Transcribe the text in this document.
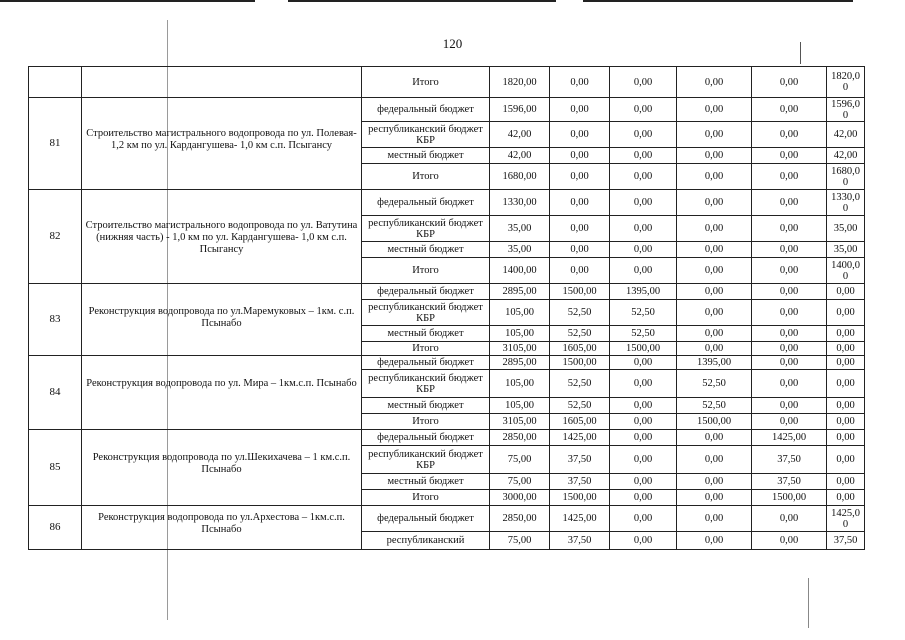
120
		Итого	1820,00	0,00	0,00	0,00	0,00	1820,0 0
81	Строительство магистрального водопровода по ул. Полевая- 1,2 км по ул. Кардангушева- 1,0 км с.п. Псыгансу	федеральный бюджет	1596,00	0,00	0,00	0,00	0,00	1596,0 0
		республиканский бюджет КБР	42,00	0,00	0,00	0,00	0,00	42,00
		местный бюджет	42,00	0,00	0,00	0,00	0,00	42,00
		Итого	1680,00	0,00	0,00	0,00	0,00	1680,0 0
82	Строительство магистрального водопровода по ул. Ватутина (нижняя часть) - 1,0 км по ул. Кардангушева- 1,0 км с.п. Псыгансу	федеральный бюджет	1330,00	0,00	0,00	0,00	0,00	1330,0 0
		республиканский бюджет КБР	35,00	0,00	0,00	0,00	0,00	35,00
		местный бюджет	35,00	0,00	0,00	0,00	0,00	35,00
		Итого	1400,00	0,00	0,00	0,00	0,00	1400,0 0
83	Реконструкция водопровода по ул.Маремуковых – 1км. с.п. Псынабо	федеральный бюджет	2895,00	1500,00	1395,00	0,00	0,00	0,00
		республиканский бюджет КБР	105,00	52,50	52,50	0,00	0,00	0,00
		местный бюджет	105,00	52,50	52,50	0,00	0,00	0,00
		Итого	3105,00	1605,00	1500,00	0,00	0,00	0,00
84	Реконструкция водопровода по ул. Мира – 1км.с.п. Псынабо	федеральный бюджет	2895,00	1500,00	0,00	1395,00	0,00	0,00
		республиканский бюджет КБР	105,00	52,50	0,00	52,50	0,00	0,00
		местный бюджет	105,00	52,50	0,00	52,50	0,00	0,00
		Итого	3105,00	1605,00	0,00	1500,00	0,00	0,00
85	Реконструкция водопровода по ул.Шекихачева – 1 км.с.п. Псынабо	федеральный бюджет	2850,00	1425,00	0,00	0,00	1425,00	0,00
		республиканский бюджет КБР	75,00	37,50	0,00	0,00	37,50	0,00
		местный бюджет	75,00	37,50	0,00	0,00	37,50	0,00
		Итого	3000,00	1500,00	0,00	0,00	1500,00	0,00
86	Реконструкция водопровода по ул.Архестова – 1км.с.п. Псынабо	федеральный бюджет	2850,00	1425,00	0,00	0,00	0,00	1425,0 0
		республиканский	75,00	37,50	0,00	0,00	0,00	37,50
